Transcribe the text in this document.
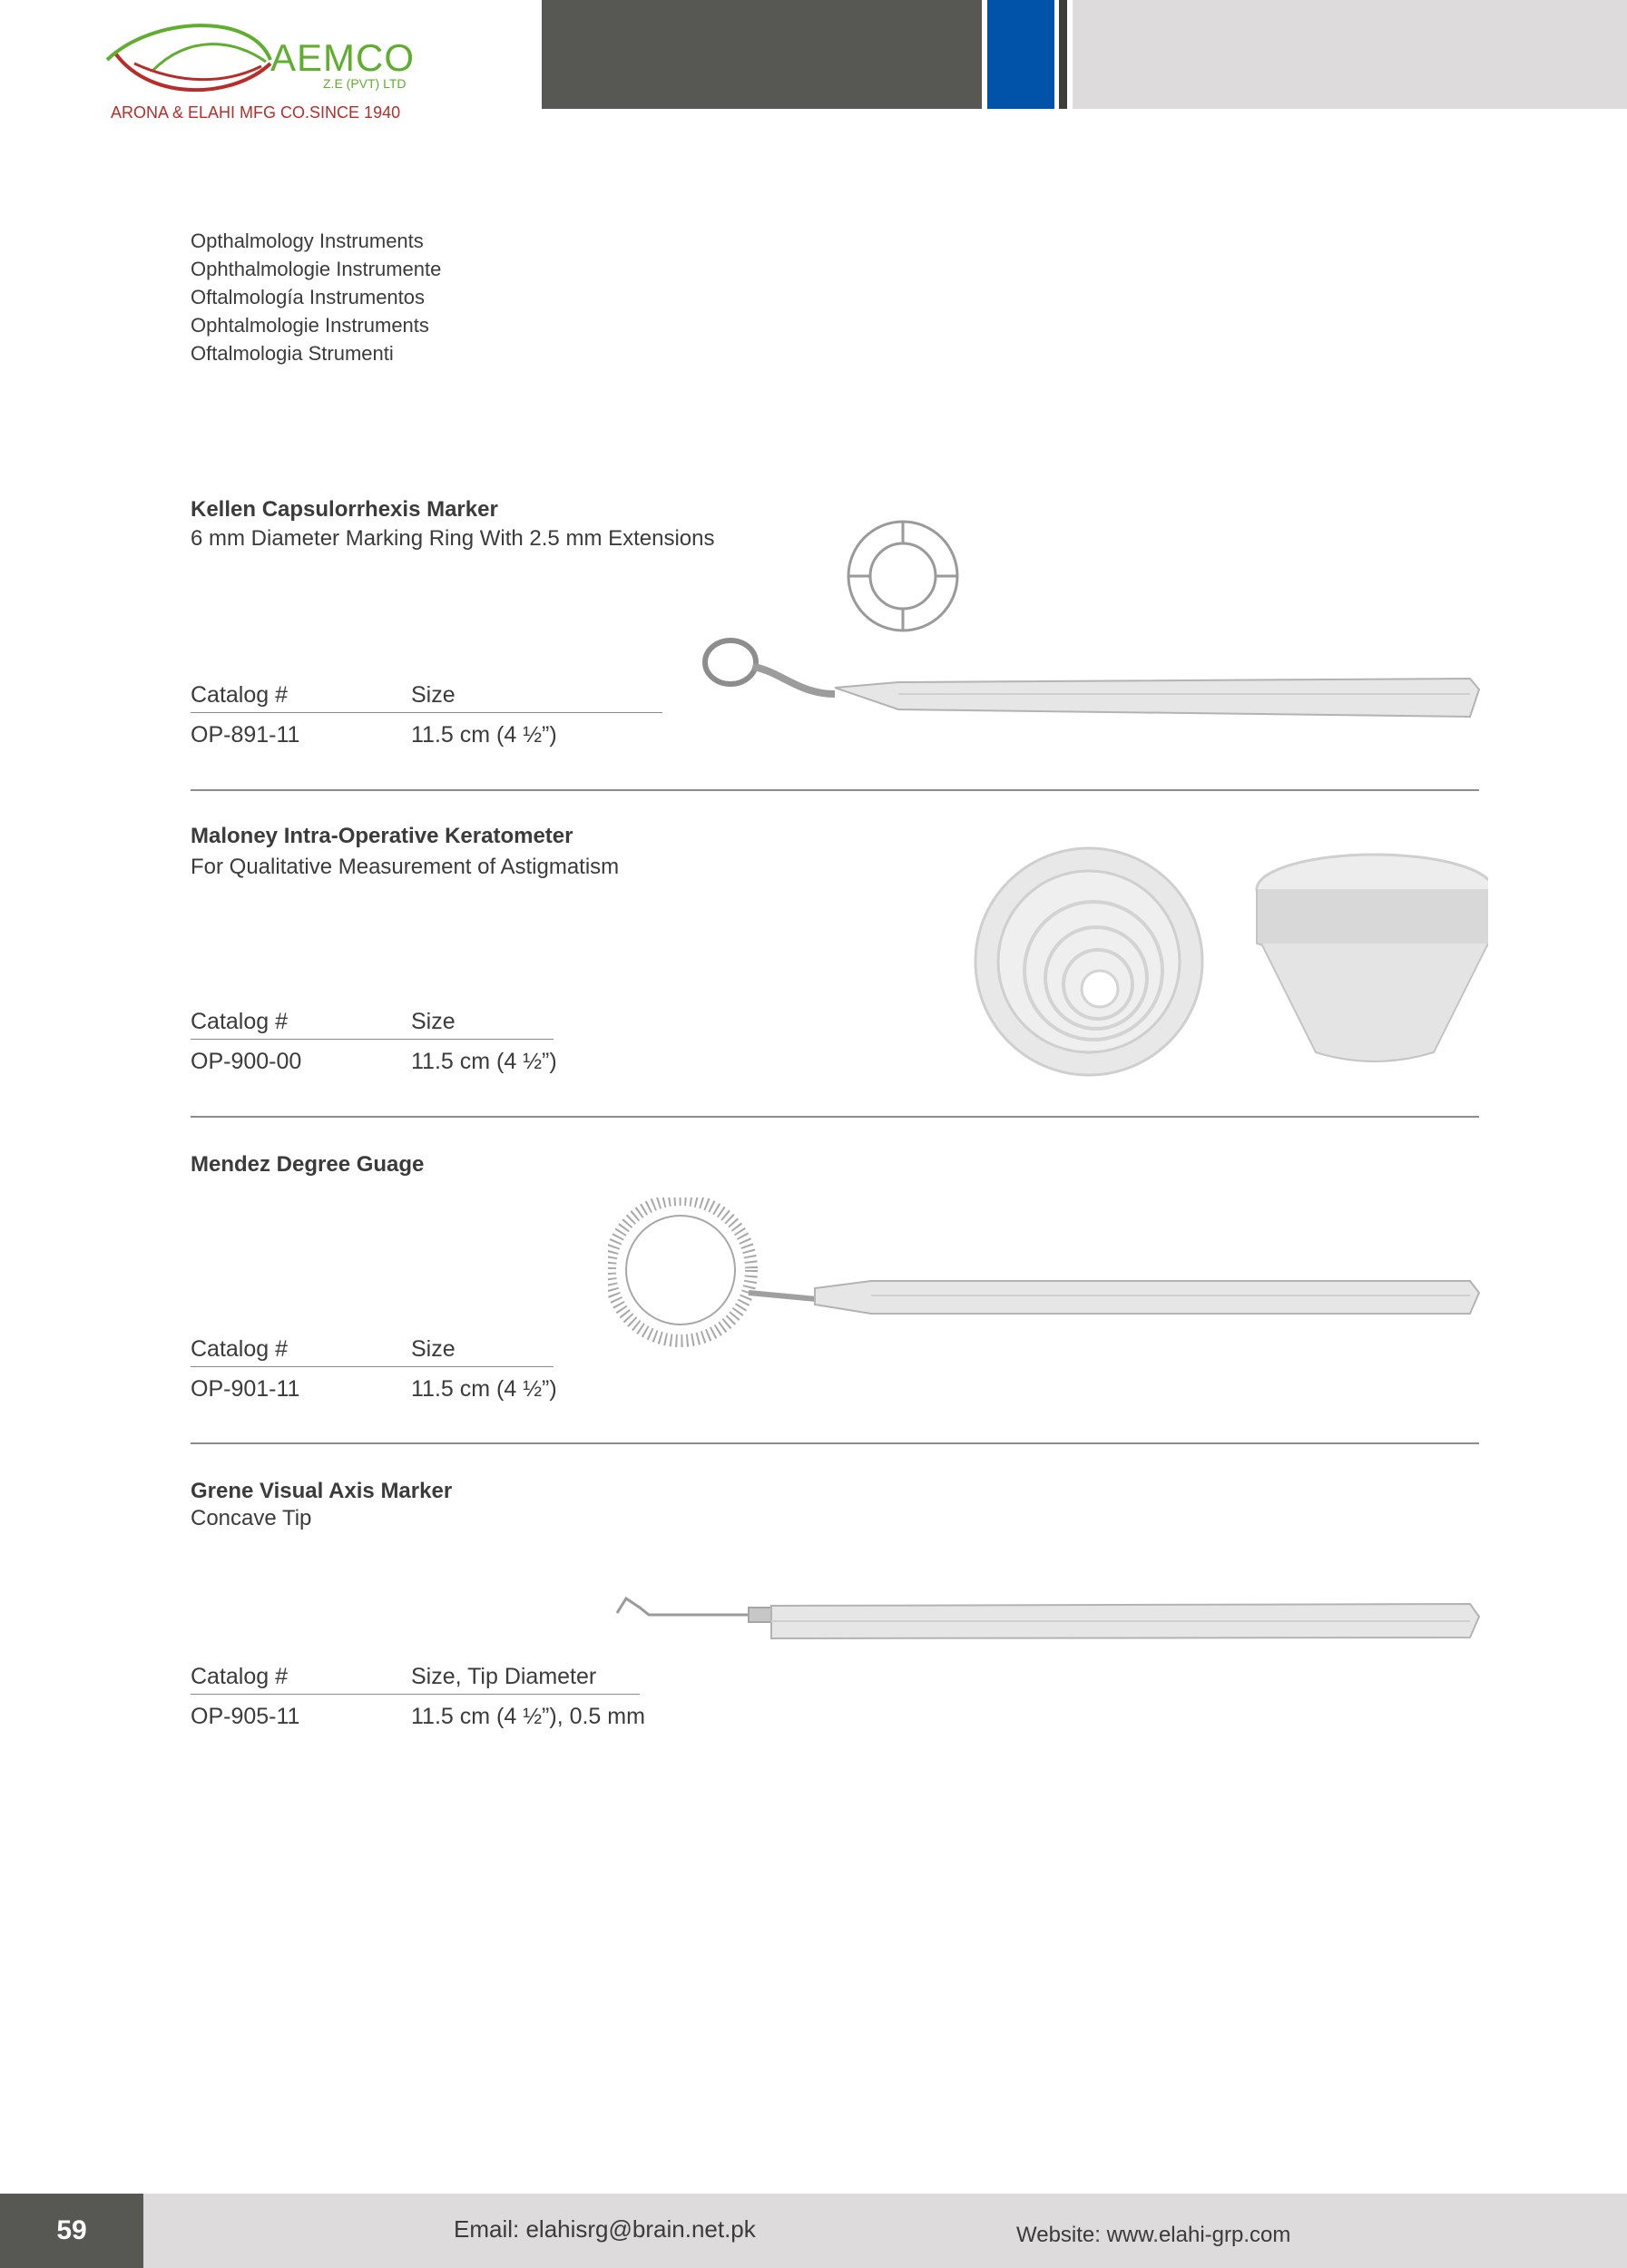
AEMCO
Z.E (PVT) LTD
ARONA & ELAHI MFG CO.SINCE 1940
Opthalmology Instruments
Ophthalmologie Instrumente
Oftalmología Instrumentos
Ophtalmologie Instruments
Oftalmologia Strumenti
Kellen Capsulorrhexis Marker
6 mm Diameter Marking Ring With 2.5 mm Extensions
Catalog #	Size
OP-891-11	11.5 cm (4 ½”)
Maloney Intra-Operative Keratometer
For Qualitative Measurement of Astigmatism
Catalog #	Size
OP-900-00	11.5 cm (4 ½”)
Mendez Degree Guage
Catalog #	Size
OP-901-11	11.5 cm (4 ½”)
Grene Visual Axis Marker
Concave Tip
Catalog #	Size, Tip Diameter
OP-905-11	11.5 cm (4 ½”), 0.5 mm
59	Email: elahisrg@brain.net.pk	Website: www.elahi-grp.com
